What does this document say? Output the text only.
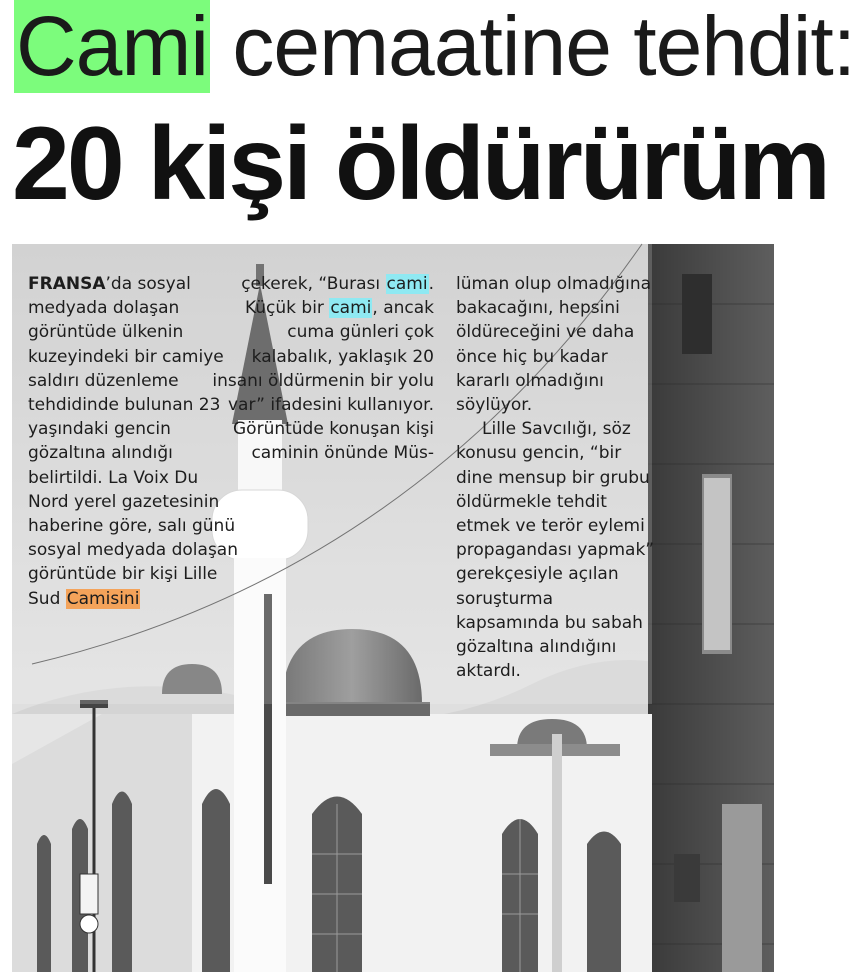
Cami cemaatine tehdit:
20 kişi öldürürüm

FRANSA’da sosyal medyada dolaşan görüntüde ülkenin kuzeyindeki bir camiye saldırı düzenleme tehdidinde bulunan 23 yaşındaki gencin gözaltına alındığı belirtildi. La Voix Du Nord yerel gazetesinin haberine göre, salı günü sosyal medyada dolaşan görüntüde bir kişi Lille Sud Camisini

çekerek, “Burası cami. Küçük bir cami, ancak cuma günleri çok kalabalık, yaklaşık 20 insanı öldürmenin bir yolu var” ifadesini kullanıyor.

Görüntüde konuşan kişi caminin önünde Müs-

lüman olup olmadığına bakacağını, hepsini öldüreceğini ve daha önce hiç bu kadar kararlı olmadığını söylüyor.

Lille Savcılığı, söz konusu gencin, “bir dine mensup bir grubu öldürmekle tehdit etmek ve terör eylemi propagandası yapmak” gerekçesiyle açılan soruşturma kapsamında bu sabah gözaltına alındığını aktardı.
